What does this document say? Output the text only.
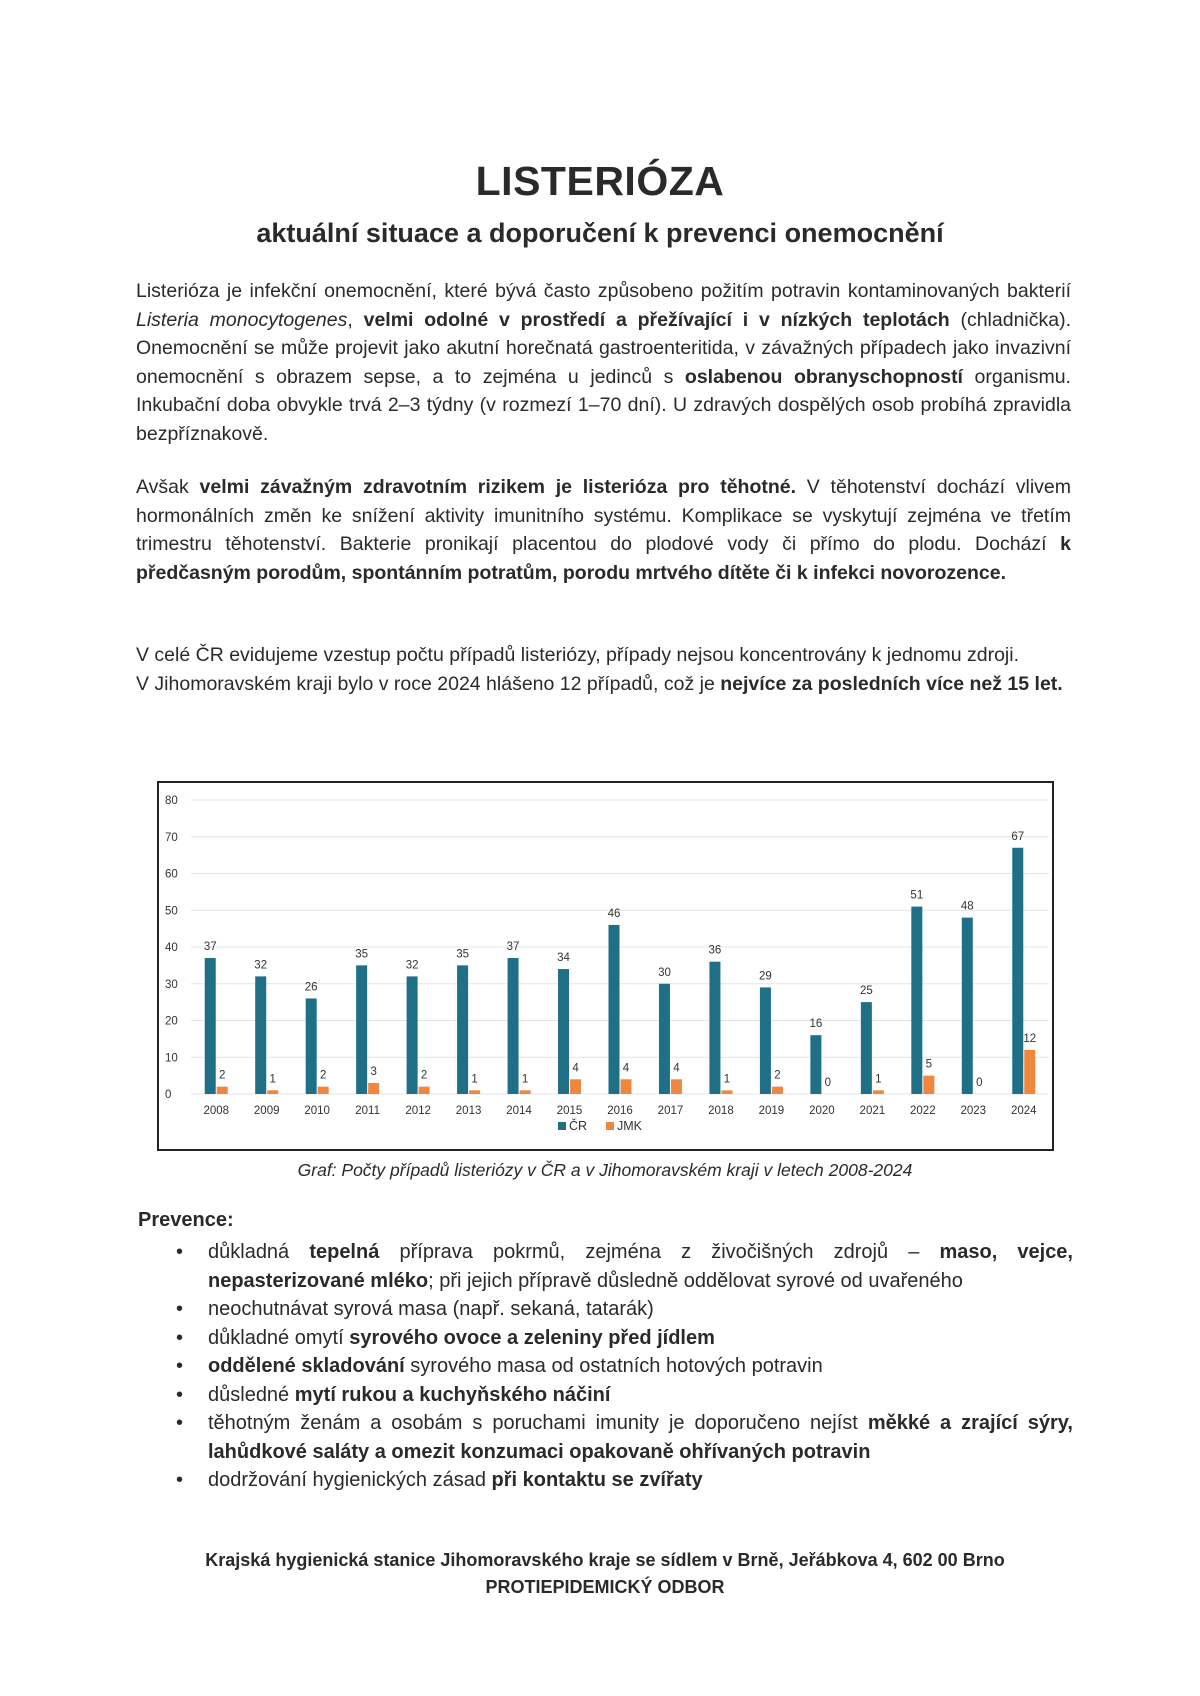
LISTERIÓZA
aktuální situace a doporučení k prevenci onemocnění

Listerióza je infekční onemocnění, které bývá často způsobeno požitím potravin kontaminovaných bakterií Listeria monocytogenes, velmi odolné v prostředí a přežívající i v nízkých teplotách (chladnička). Onemocnění se může projevit jako akutní horečnatá gastroenteritida, v závažných případech jako invazivní onemocnění s obrazem sepse, a to zejména u jedinců s oslabenou obranyschopností organismu. Inkubační doba obvykle trvá 2–3 týdny (v rozmezí 1–70 dní). U zdravých dospělých osob probíhá zpravidla bezpříznakově.

Avšak velmi závažným zdravotním rizikem je listerióza pro těhotné. V těhotenství dochází vlivem hormonálních změn ke snížení aktivity imunitního systému. Komplikace se vyskytují zejména ve třetím trimestru těhotenství. Bakterie pronikají placentou do plodové vody či přímo do plodu. Dochází k předčasným porodům, spontánním potratům, porodu mrtvého dítěte či k infekci novorozence.

V celé ČR evidujeme vzestup počtu případů listeriózy, případy nejsou koncentrovány k jednomu zdroji.

V Jihomoravském kraji bylo v roce 2024 hlášeno 12 případů, což je nejvíce za posledních více než 15 let.

0
10
20
30
40
50
60
70
80
37
2
2008
32
1
2009
26
2
2010
35
3
2011
32
2
2012
35
1
2013
37
1
2014
34
4
2015
46
4
2016
30
4
2017
36
1
2018
29
2
2019
16
0
2020
25
1
2021
51
5
2022
48
0
2023
67
12
2024
ČR JMK
Graf: Počty případů listeriózy v ČR a v Jihomoravském kraji v letech 2008-2024
Prevence:
• důkladná tepelná příprava pokrmů, zejména z živočišných zdrojů – maso, vejce, nepasterizované mléko; při jejich přípravě důsledně oddělovat syrové od uvařeného
• neochutnávat syrová masa (např. sekaná, tatarák)
• důkladné omytí syrového ovoce a zeleniny před jídlem
• oddělené skladování syrového masa od ostatních hotových potravin
• důsledné mytí rukou a kuchyňského náčiní
• těhotným ženám a osobám s poruchami imunity je doporučeno nejíst měkké a zrající sýry, lahůdkové saláty a omezit konzumaci opakovaně ohřívaných potravin
• dodržování hygienických zásad při kontaktu se zvířaty
Krajská hygienická stanice Jihomoravského kraje se sídlem v Brně, Jeřábkova 4, 602 00 Brno
PROTIEPIDEMICKÝ ODBOR
